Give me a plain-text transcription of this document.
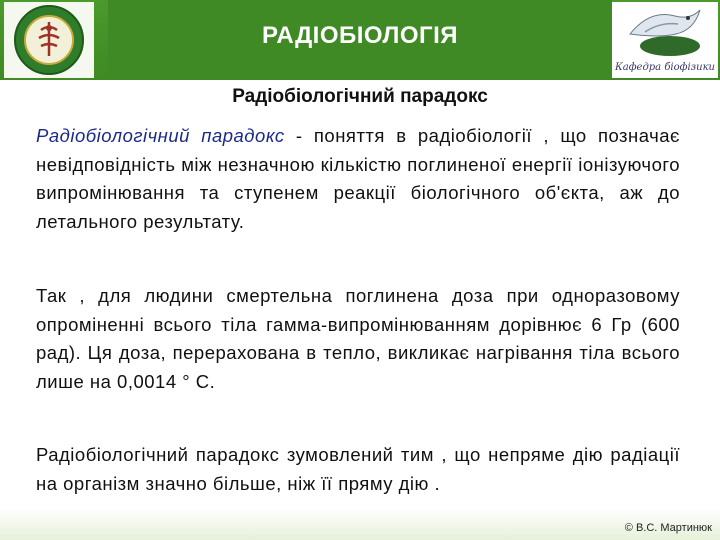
Кафедра біофізики
РАДІОБІОЛОГІЯ
Радіобіологічний парадокс
Радіобіологічний парадокс - поняття в радіобіології , що позначає невідповідність між незначною кількістю поглиненої енергії іонізуючого випромінювання та ступенем реакції біологічного об'єкта, аж до летального результату.
Так , для людини смертельна поглинена доза при одноразовому опроміненні всього тіла гамма-випромінюванням дорівнює 6 Гр (600 рад). Ця доза, перерахована в тепло, викликає нагрівання тіла всього лише на 0,0014 ° С.
Радіобіологічний парадокс зумовлений тим , що непряме дію радіації на організм значно більше, ніж її пряму дію .
© В.С. Мартинюк
